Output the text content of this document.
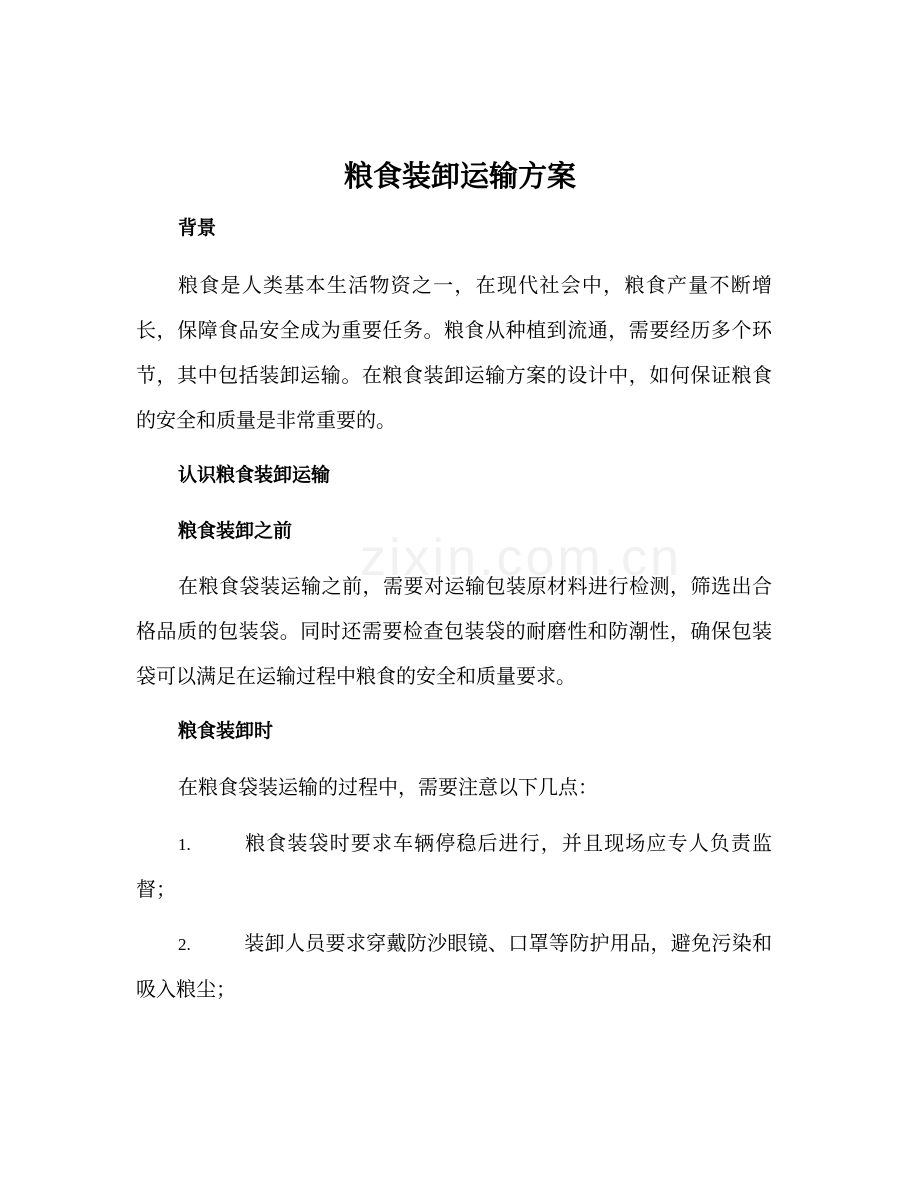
zixin.com.cn
粮食装卸运输方案
背景
粮食是人类基本生活物资之一，在现代社会中，粮食产量不断增长，保障食品安全成为重要任务。粮食从种植到流通，需要经历多个环节，其中包括装卸运输。在粮食装卸运输方案的设计中，如何保证粮食的安全和质量是非常重要的。
认识粮食装卸运输
粮食装卸之前
在粮食袋装运输之前，需要对运输包装原材料进行检测，筛选出合格品质的包装袋。同时还需要检查包装袋的耐磨性和防潮性，确保包装袋可以满足在运输过程中粮食的安全和质量要求。
粮食装卸时
在粮食袋装运输的过程中，需要注意以下几点：
1.	粮食装袋时要求车辆停稳后进行，并且现场应专人负责监督；
2.	装卸人员要求穿戴防沙眼镜、口罩等防护用品，避免污染和吸入粮尘；
